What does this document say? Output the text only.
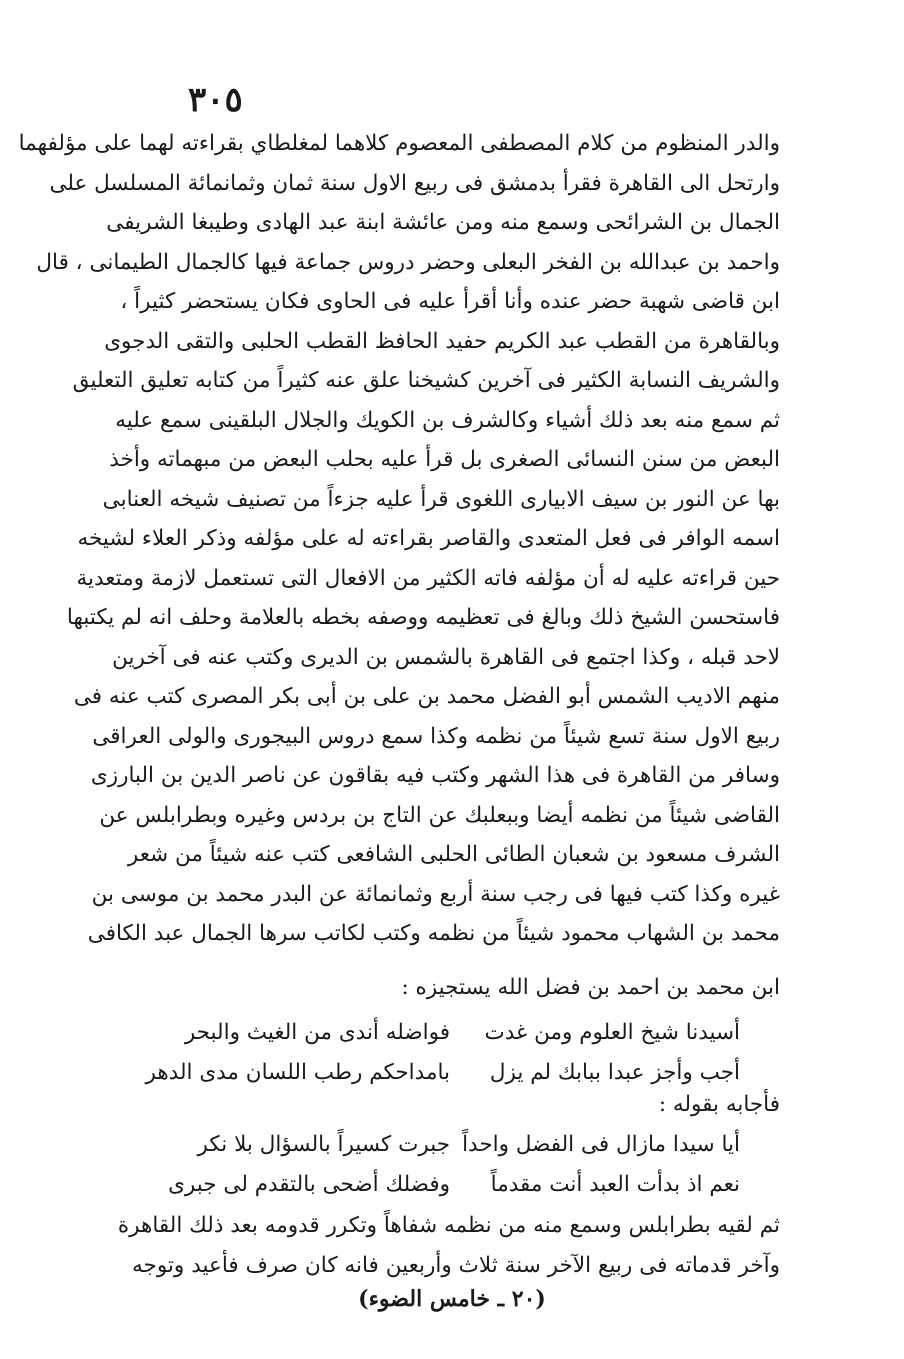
٣٠٥
والدر المنظوم من كلام المصطفى المعصوم كلاهما لمغلطاي بقراءته لهما على مؤلفهما
وارتحل الى القاهرة فقرأ بدمشق فى ربيع الاول سنة ثمان وثمانمائة المسلسل على
الجمال بن الشرائحى وسمع منه ومن عائشة ابنة عبد الهادى وطيبغا الشريفى
واحمد بن عبدالله بن الفخر البعلى وحضر دروس جماعة فيها كالجمال الطيمانى ، قال
ابن قاضى شهبة حضر عنده وأنا أقرأ عليه فى الحاوى فكان يستحضر كثيراً ،
وبالقاهرة من القطب عبد الكريم حفيد الحافظ القطب الحلبى والتقى الدجوى
والشريف النسابة الكثير فى آخرين كشيخنا علق عنه كثيراً من كتابه تعليق التعليق
ثم سمع منه بعد ذلك أشياء وكالشرف بن الكويك والجلال البلقينى سمع عليه
البعض من سنن النسائى الصغرى بل قرأ عليه بحلب البعض من مبهماته وأخذ
بها عن النور بن سيف الابيارى اللغوى قرأ عليه جزءاً من تصنيف شيخه العنابى
اسمه الوافر فى فعل المتعدى والقاصر بقراءته له على مؤلفه وذكر العلاء لشيخه
حين قراءته عليه له أن مؤلفه فاته الكثير من الافعال التى تستعمل لازمة ومتعدية
فاستحسن الشيخ ذلك وبالغ فى تعظيمه ووصفه بخطه بالعلامة وحلف انه لم يكتبها
لاحد قبله ، وكذا اجتمع فى القاهرة بالشمس بن الديرى وكتب عنه فى آخرين
منهم الاديب الشمس أبو الفضل محمد بن على بن أبى بكر المصرى كتب عنه فى
ربيع الاول سنة تسع شيئاً من نظمه وكذا سمع دروس البيجورى والولى العراقى
وسافر من القاهرة فى هذا الشهر وكتب فيه بقاقون عن ناصر الدين بن البارزى
القاضى شيئاً من نظمه أيضا وببعلبك عن التاج بن بردس وغيره وبطرابلس عن
الشرف مسعود بن شعبان الطائى الحلبى الشافعى كتب عنه شيئاً من شعر
غيره وكذا كتب فيها فى رجب سنة أربع وثمانمائة عن البدر محمد بن موسى بن
محمد بن الشهاب محمود شيئاً من نظمه وكتب لكاتب سرها الجمال عبد الكافى
ابن محمد بن احمد بن فضل الله يستجيزه :
أسيدنا شيخ العلوم ومن غدت
فواضله أندى من الغيث والبحر
أجب وأجز عبدا ببابك لم يزل
بامداحكم رطب اللسان مدى الدهر
فأجابه بقوله :
أيا سيدا مازال فى الفضل واحداً
جبرت كسيراً بالسؤال بلا نكر
نعم اذ بدأت العبد أنت مقدماً
وفضلك أضحى بالتقدم لى جبرى
ثم لقيه بطرابلس وسمع منه من نظمه شفاهاً وتكرر قدومه بعد ذلك القاهرة
وآخر قدماته فى ربيع الآخر سنة ثلاث وأربعين فانه كان صرف فأعيد وتوجه
(٢٠ ـ خامس الضوء)
